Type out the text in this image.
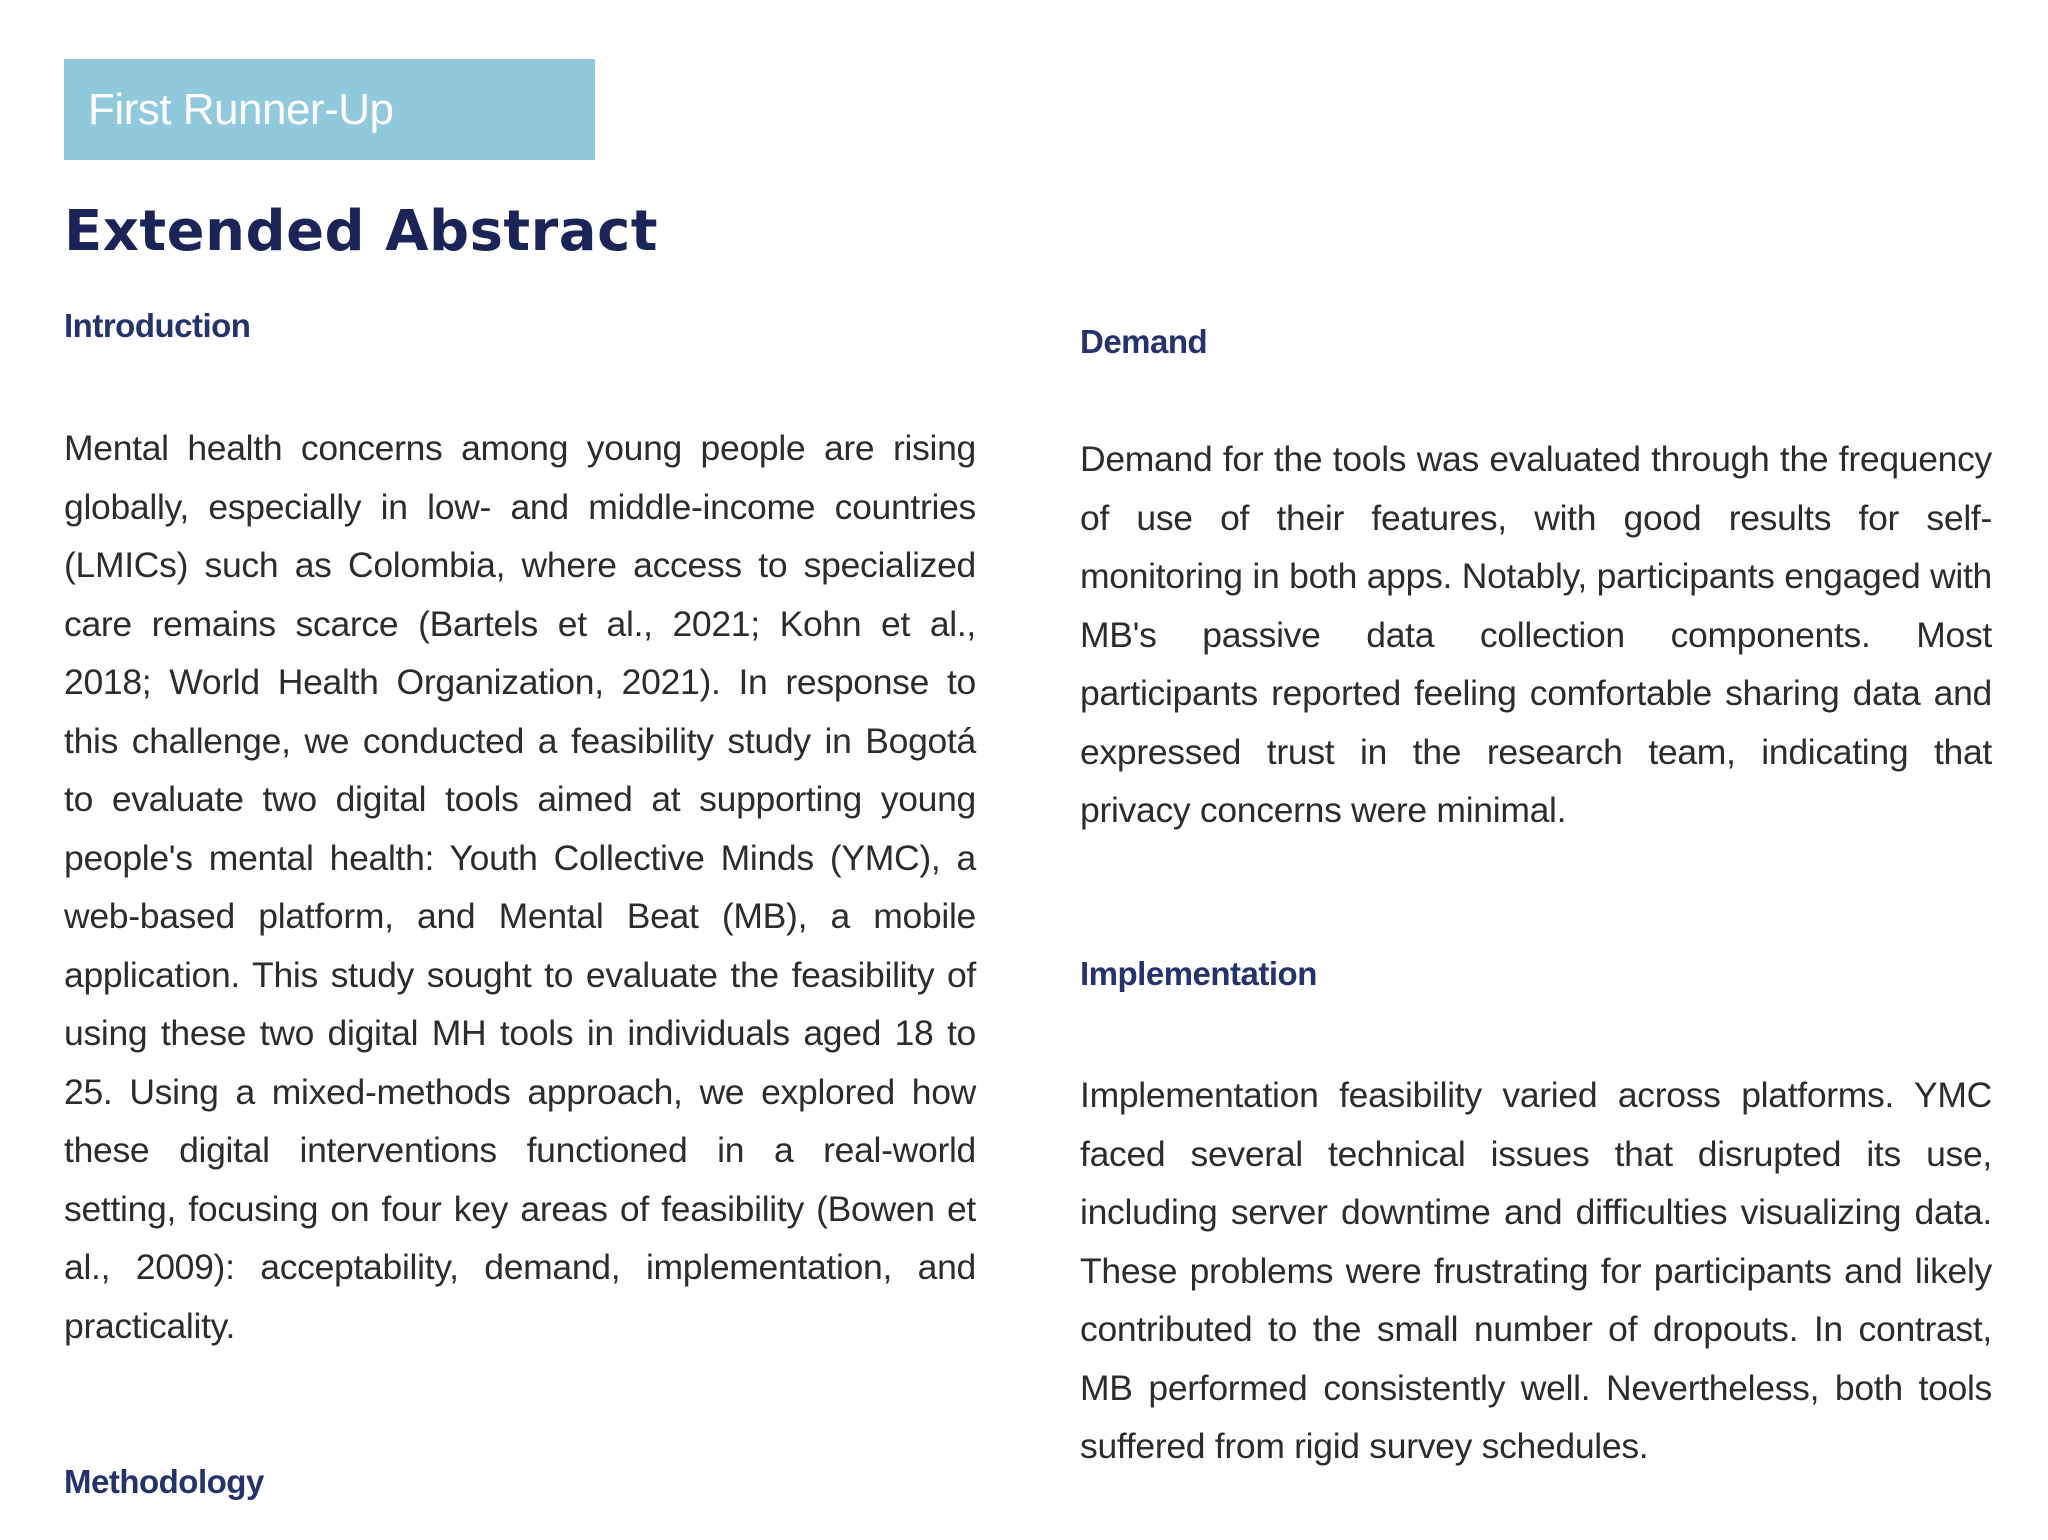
First Runner-Up
Extended Abstract
Introduction

Mental health concerns among young people are rising globally, especially in low- and middle-income countries (LMICs) such as Colombia, where access to specialized care remains scarce (Bartels et al., 2021; Kohn et al., 2018; World Health Organization, 2021). In response to this challenge, we conducted a feasibility study in Bogotá to evaluate two digital tools aimed at supporting young people's mental health: Youth Collective Minds (YMC), a web-based platform, and Mental Beat (MB), a mobile application. This study sought to evaluate the feasibility of using these two digital MH tools in individuals aged 18 to 25. Using a mixed-methods approach, we explored how these digital interventions functioned in a real-world setting, focusing on four key areas of feasibility (Bowen et al., 2009): acceptability, demand, implementation, and practicality.

Methodology
Demand

Demand for the tools was evaluated through the frequency of use of their features, with good results for self-monitoring in both apps. Notably, participants engaged with MB's passive data collection components. Most participants reported feeling comfortable sharing data and expressed trust in the research team, indicating that privacy concerns were minimal.

Implementation

Implementation feasibility varied across platforms. YMC faced several technical issues that disrupted its use, including server downtime and difficulties visualizing data. These problems were frustrating for participants and likely contributed to the small number of dropouts. In contrast, MB performed consistently well. Nevertheless, both tools suffered from rigid survey schedules.
